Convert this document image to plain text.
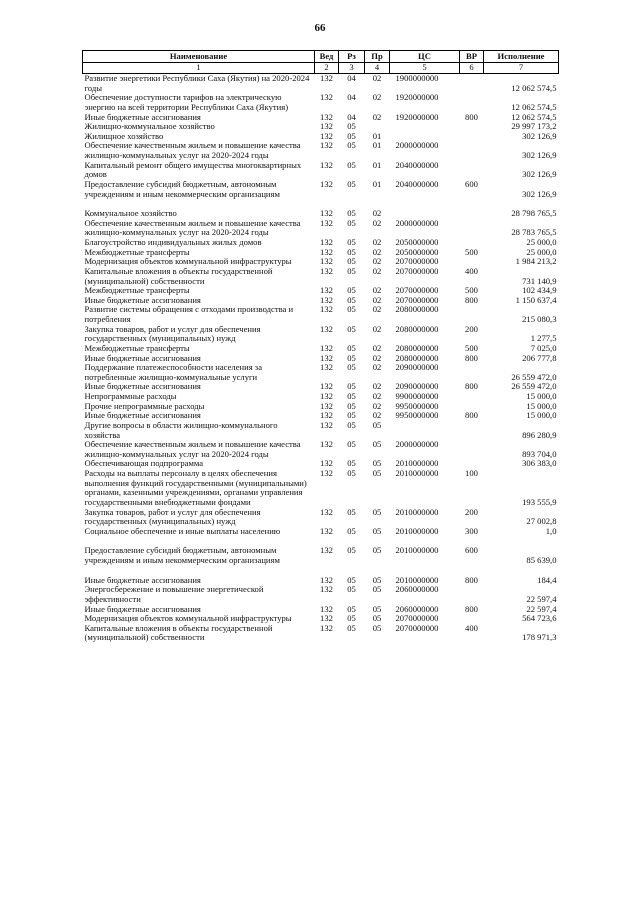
66
Наименование	Вед	Рз	Пр	ЦС	ВР	Исполнение
1	2	3	4	5	6	7
Развитие энергетики Республики Саха (Якутия) на 2020-2024 годы	132	04	02	1900000000		12 062 574,5
Обеспечение доступности тарифов на электрическую энергию на всей территории Республики Саха (Якутия)	132	04	02	1920000000		12 062 574,5
Иные бюджетные ассигнования	132	04	02	1920000000	800	12 062 574,5
Жилищно-коммунальное хозяйство	132	05				29 997 173,2
Жилищное хозяйство	132	05	01			302 126,9
Обеспечение качественным жильем и повышение качества жилищно-коммунальных услуг на 2020-2024 годы	132	05	01	2000000000		302 126,9
Капитальный ремонт общего имущества многоквартирных домов	132	05	01	2040000000		302 126,9
Предоставление субсидий бюджетным, автономным учреждениям и иным некоммерческим организациям	132	05	01	2040000000	600	302 126,9

Коммунальное хозяйство	132	05	02			28 798 765,5
Обеспечение качественным жильем и повышение качества жилищно-коммунальных услуг на 2020-2024 годы	132	05	02	2000000000		28 783 765,5
Благоустройство индивидуальных жилых домов	132	05	02	2050000000		25 000,0
Межбюджетные трансферты	132	05	02	2050000000	500	25 000,0
Модернизация объектов коммунальной инфраструктуры	132	05	02	2070000000		1 984 213,2
Капитальные вложения в объекты государственной (муниципальной) собственности	132	05	02	2070000000	400	731 140,9
Межбюджетные трансферты	132	05	02	2070000000	500	102 434,9
Иные бюджетные ассигнования	132	05	02	2070000000	800	1 150 637,4
Развитие системы обращения с отходами производства и потребления	132	05	02	2080000000		215 080,3
Закупка товаров, работ и услуг для обеспечения государственных (муниципальных) нужд	132	05	02	2080000000	200	1 277,5
Межбюджетные трансферты	132	05	02	2080000000	500	7 025,0
Иные бюджетные ассигнования	132	05	02	2080000000	800	206 777,8
Поддержание платежеспособности населения за потребленные жилищно-коммунальные услуги	132	05	02	2090000000		26 559 472,0
Иные бюджетные ассигнования	132	05	02	2090000000	800	26 559 472,0
Непрограммные расходы	132	05	02	9900000000		15 000,0
Прочие непрограммные расходы	132	05	02	9950000000		15 000,0
Иные бюджетные ассигнования	132	05	02	9950000000	800	15 000,0
Другие вопросы в области жилищно-коммунального хозяйства	132	05	05			896 280,9
Обеспечение качественным жильем и повышение качества жилищно-коммунальных услуг на 2020-2024 годы	132	05	05	2000000000		893 704,0
Обеспечивающая подпрограмма	132	05	05	2010000000		306 383,0
Расходы на выплаты персоналу в целях обеспечения выполнения функций государственными (муниципальными) органами, казенными учреждениями, органами управления государственными внебюджетными фондами	132	05	05	2010000000	100	193 555,9
Закупка товаров, работ и услуг для обеспечения государственных (муниципальных) нужд	132	05	05	2010000000	200	27 002,8
Социальное обеспечение и иные выплаты населению	132	05	05	2010000000	300	1,0

Предоставление субсидий бюджетным, автономным учреждениям и иным некоммерческим организациям	132	05	05	2010000000	600	85 639,0

Иные бюджетные ассигнования	132	05	05	2010000000	800	184,4
Энергосбережение и повышение энергетической эффективности	132	05	05	2060000000		22 597,4
Иные бюджетные ассигнования	132	05	05	2060000000	800	22 597,4
Модернизация объектов коммунальной инфраструктуры	132	05	05	2070000000		564 723,6
Капитальные вложения в объекты государственной (муниципальной) собственности	132	05	05	2070000000	400	178 971,3
